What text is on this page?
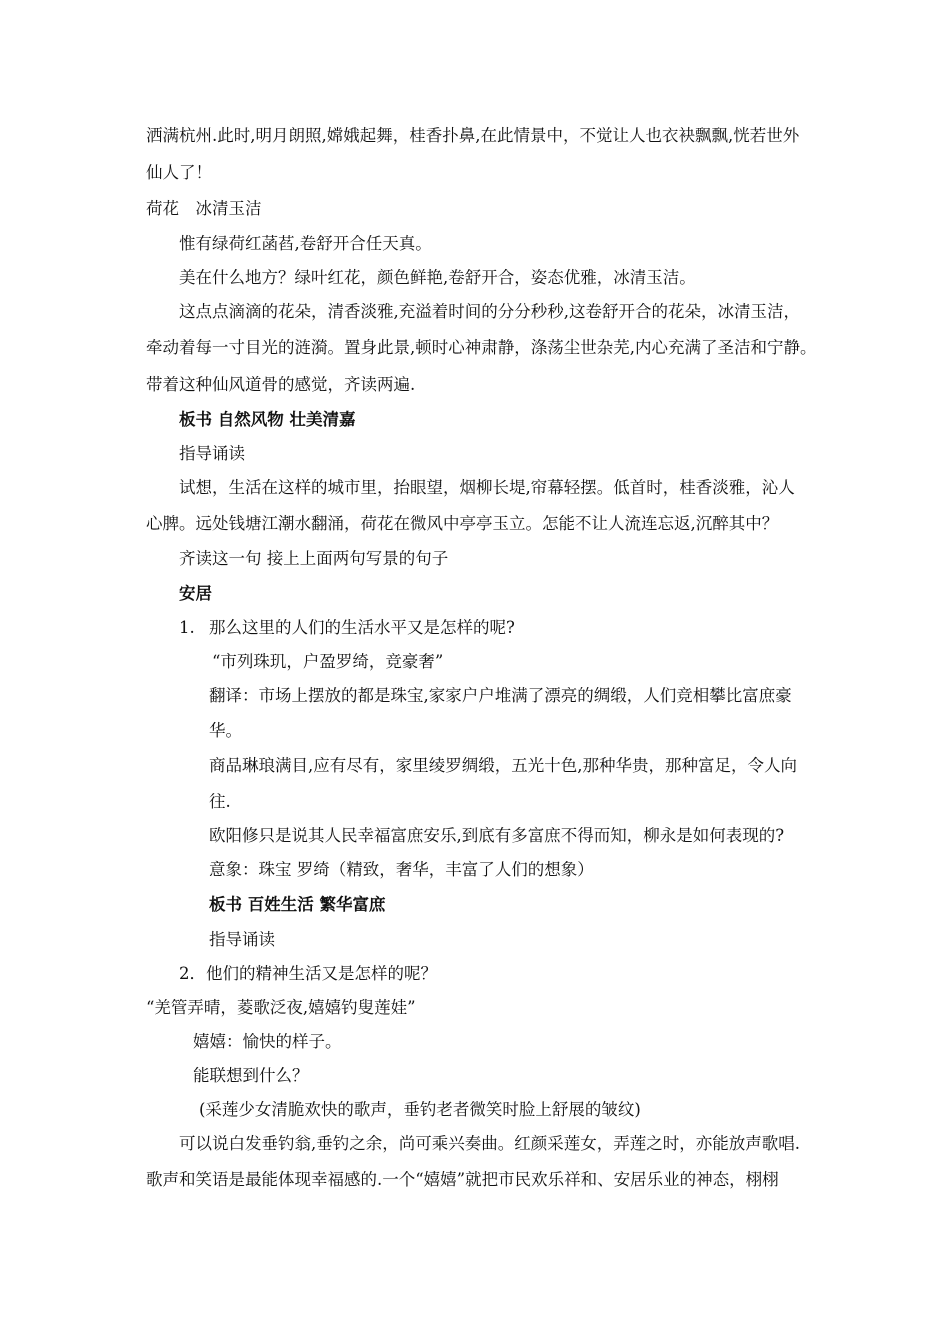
洒满杭州.此时,明月朗照,嫦娥起舞，桂香扑鼻,在此情景中，不觉让人也衣袂飘飘,恍若世外
仙人了！
荷花　冰清玉洁
惟有绿荷红菡萏,卷舒开合任天真。
美在什么地方？绿叶红花，颜色鲜艳,卷舒开合，姿态优雅，冰清玉洁。
这点点滴滴的花朵，清香淡雅,充溢着时间的分分秒秒,这卷舒开合的花朵，冰清玉洁，
牵动着每一寸目光的涟漪。置身此景,顿时心神肃静，涤荡尘世杂芜,内心充满了圣洁和宁静。
带着这种仙风道骨的感觉，齐读两遍.
板书 自然风物 壮美清嘉
指导诵读
试想，生活在这样的城市里，抬眼望，烟柳长堤,帘幕轻摆。低首时，桂香淡雅，沁人
心脾。远处钱塘江潮水翻涌，荷花在微风中亭亭玉立。怎能不让人流连忘返,沉醉其中？
齐读这一句 接上上面两句写景的句子
安居
1. 那么这里的人们的生活水平又是怎样的呢?
“市列珠玑，户盈罗绮，竞豪奢”
翻译：市场上摆放的都是珠宝,家家户户堆满了漂亮的绸缎，人们竞相攀比富庶豪
华。
商品琳琅满目,应有尽有，家里绫罗绸缎，五光十色,那种华贵，那种富足，令人向
往.
欧阳修只是说其人民幸福富庶安乐,到底有多富庶不得而知，柳永是如何表现的?
意象：珠宝 罗绮（精致，奢华，丰富了人们的想象）
板书 百姓生活 繁华富庶
指导诵读
2．他们的精神生活又是怎样的呢？
“羌管弄晴，菱歌泛夜,嬉嬉钓叟莲娃”
嬉嬉：愉快的样子。
能联想到什么？
(采莲少女清脆欢快的歌声，垂钓老者微笑时脸上舒展的皱纹)
可以说白发垂钓翁,垂钓之余，尚可乘兴奏曲。红颜采莲女，弄莲之时，亦能放声歌唱.
歌声和笑语是最能体现幸福感的.一个“嬉嬉”就把市民欢乐祥和、安居乐业的神态，栩栩
